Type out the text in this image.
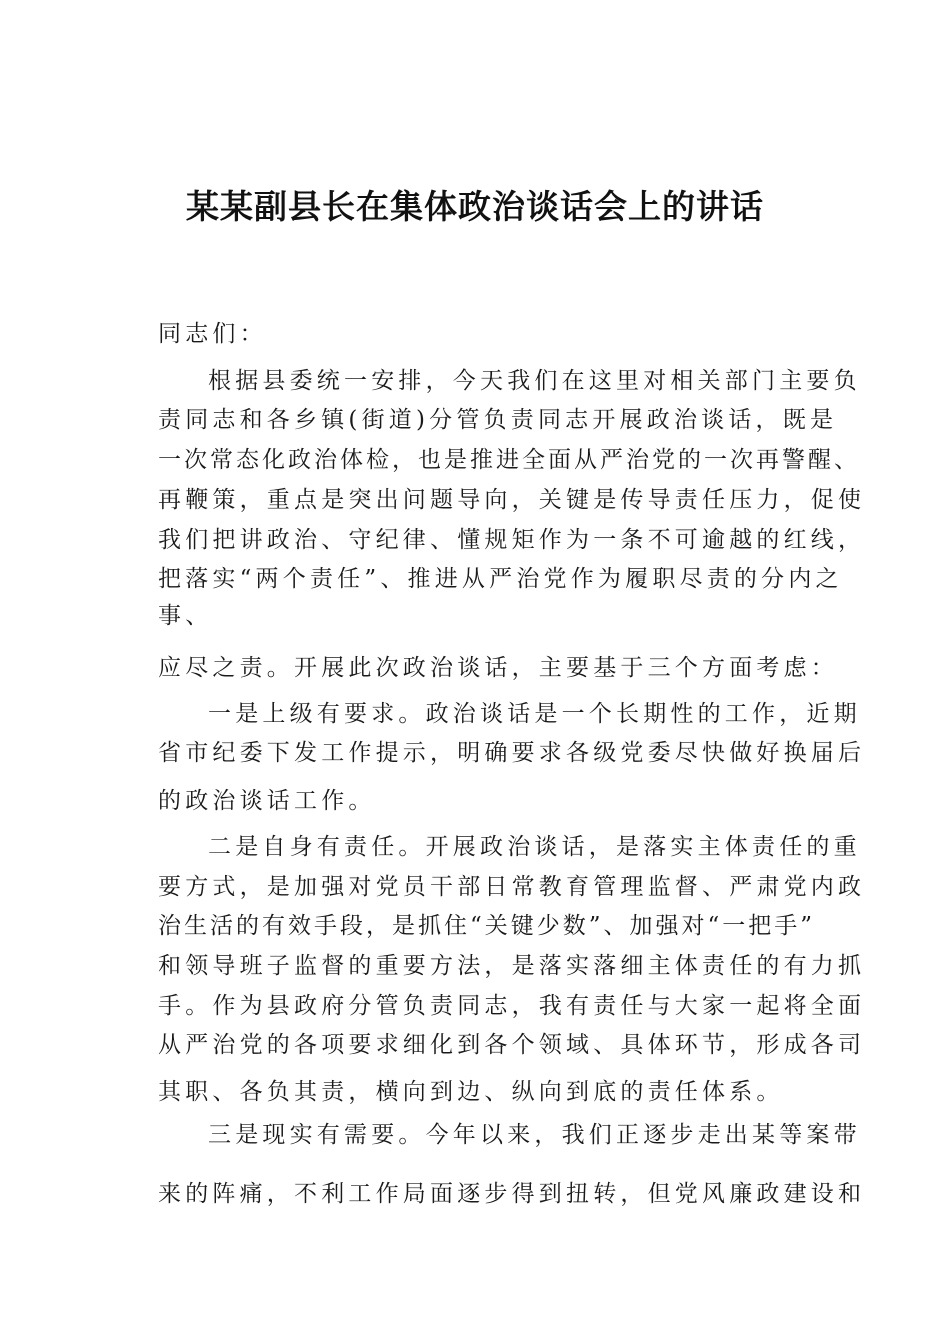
某某副县长在集体政治谈话会上的讲话

同志们：

根据县委统一安排，今天我们在这里对相关部门主要负

责同志和各乡镇(街道)分管负责同志开展政治谈话，既是

一次常态化政治体检，也是推进全面从严治党的一次再警醒、

再鞭策，重点是突出问题导向，关键是传导责任压力，促使

我们把讲政治、守纪律、懂规矩作为一条不可逾越的红线，

把落实“两个责任”、推进从严治党作为履职尽责的分内之

事、

应尽之责。开展此次政治谈话，主要基于三个方面考虑：

一是上级有要求。政治谈话是一个长期性的工作，近期

省市纪委下发工作提示，明确要求各级党委尽快做好换届后

的政治谈话工作。

二是自身有责任。开展政治谈话，是落实主体责任的重

要方式，是加强对党员干部日常教育管理监督、严肃党内政

治生活的有效手段，是抓住“关键少数”、加强对“一把手”

和领导班子监督的重要方法，是落实落细主体责任的有力抓

手。作为县政府分管负责同志，我有责任与大家一起将全面

从严治党的各项要求细化到各个领域、具体环节，形成各司

其职、各负其责，横向到边、纵向到底的责任体系。

三是现实有需要。今年以来，我们正逐步走出某等案带

来的阵痛，不利工作局面逐步得到扭转，但党风廉政建设和
